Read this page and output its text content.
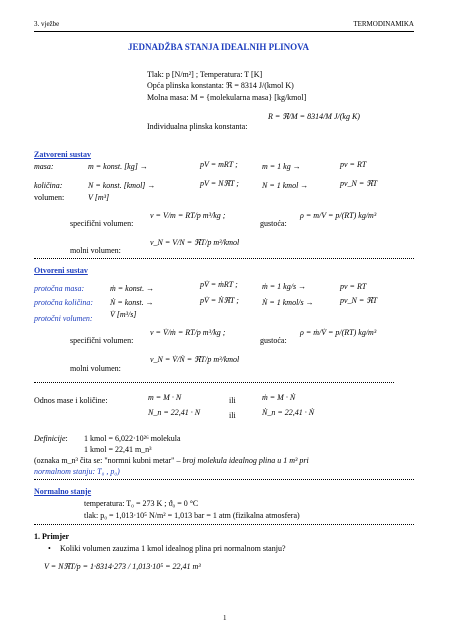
3. vježbe	TERMODINAMIKA
JEDNADŽBA STANJA IDEALNIH PLINOVA
Tlak: p [N/m²] ; Temperatura: T [K]
Opća plinska konstanta: ℜ = 8314 J/(kmol K)
Molna masa: M = {molekularna masa} [kg/kmol]
Individualna plinska konstanta:
R = ℜ/M = 8314/M J/(kg K)
Zatvoreni sustav
masa:	m = konst. [kg] →	pV = mRT ;	m = 1 kg →	pv = RT
količina:	N = konst. [kmol] →	pV = NℜT ;	N = 1 kmol →	pv_N = ℜT
volumen:	V [m³]
specifični volumen:
v = V/m = RT/p m³/kg ;
gustoća:
ρ = m/V = p/(RT) kg/m³
molni volumen:
v_N = V/N = ℜT/p m³/kmol
Otvoreni sustav
protočna masa:	ṁ = konst. →	pV̇ = ṁRT ;	ṁ = 1 kg/s →	pv = RT
protočna količina: Ṅ = konst. →	pV̇ = ṄℜT ;	Ṅ = 1 kmol/s →	pv_N = ℜT
protočni volumen: V̇ [m³/s]
specifični volumen:
v = V̇/ṁ = RT/p m³/kg ;
gustoća:
ρ = ṁ/V̇ = p/(RT) kg/m³
molni volumen:
v_N = V̇/Ṅ = ℜT/p m³/kmol
Odnos mase i količine:	m = M · N	ili	ṁ = M · Ṅ
N_n = 22,41 · N	ili	Ṅ_n = 22,41 · Ṅ
Definicije: 1 kmol = 6,022·10²⁶ molekula
1 kmol = 22,41 m_n³
(oznaka m_n³ čita se: "normni kubni metar" – broj molekula idealnog plina u 1 m³ pri
normalnom stanju: T₀ , p₀)
Normalno stanje
temperatura: T₀ = 273 K ; ϑ₀ = 0 °C
tlak: p₀ = 1,013·10⁵ N/m² = 1,013 bar = 1 atm (fizikalna atmosfera)
1. Primjer
• Koliki volumen zauzima 1 kmol idealnog plina pri normalnom stanju?
V = NℜT/p = 1·8314·273 / 1,013·10⁵ = 22,41 m³
1
